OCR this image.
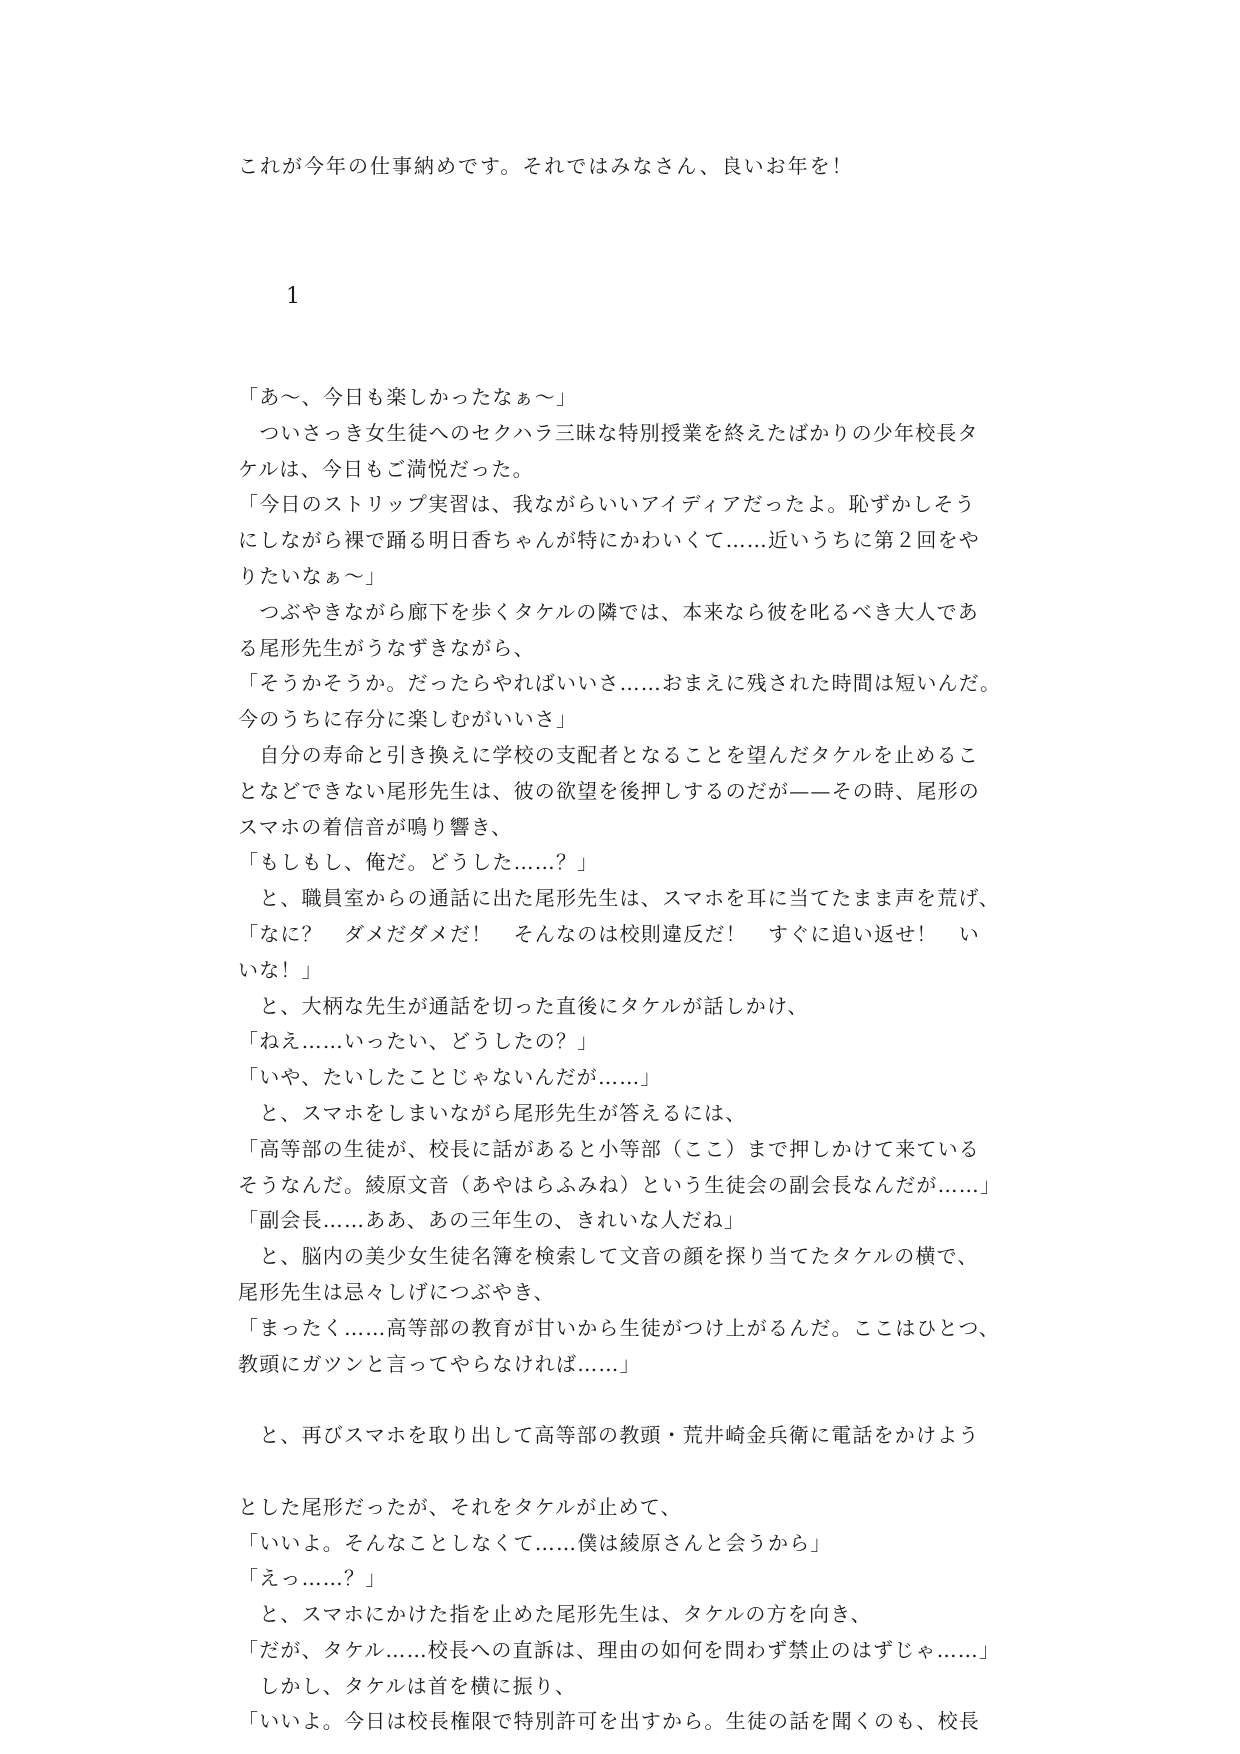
これが今年の仕事納めです。それではみなさん、良いお年を！
1
「あ〜、今日も楽しかったなぁ〜」
　ついさっき女生徒へのセクハラ三昧な特別授業を終えたばかりの少年校長タ
ケルは、今日もご満悦だった。
「今日のストリップ実習は、我ながらいいアイディアだったよ。恥ずかしそう
にしながら裸で踊る明日香ちゃんが特にかわいくて……近いうちに第２回をや
りたいなぁ〜」
　つぶやきながら廊下を歩くタケルの隣では、本来なら彼を叱るべき大人であ
る尾形先生がうなずきながら、
「そうかそうか。だったらやればいいさ……おまえに残された時間は短いんだ。
今のうちに存分に楽しむがいいさ」
　自分の寿命と引き換えに学校の支配者となることを望んだタケルを止めるこ
となどできない尾形先生は、彼の欲望を後押しするのだが——その時、尾形の
スマホの着信音が鳴り響き、
「もしもし、俺だ。どうした……？」
　と、職員室からの通話に出た尾形先生は、スマホを耳に当てたまま声を荒げ、
「なに？　ダメだダメだ！　そんなのは校則違反だ！　すぐに追い返せ！　い
いな！」
　と、大柄な先生が通話を切った直後にタケルが話しかけ、
「ねえ……いったい、どうしたの？」
「いや、たいしたことじゃないんだが……」
　と、スマホをしまいながら尾形先生が答えるには、
「高等部の生徒が、校長に話があると小等部（ここ）まで押しかけて来ている
そうなんだ。綾原文音（あやはらふみね）という生徒会の副会長なんだが……」
「副会長……ああ、あの三年生の、きれいな人だね」
　と、脳内の美少女生徒名簿を検索して文音の顔を探り当てたタケルの横で、
尾形先生は忌々しげにつぶやき、
「まったく……高等部の教育が甘いから生徒がつけ上がるんだ。ここはひとつ、
教頭にガツンと言ってやらなければ……」
　と、再びスマホを取り出して高等部の教頭・荒井崎金兵衛に電話をかけよう
とした尾形だったが、それをタケルが止めて、
「いいよ。そんなことしなくて……僕は綾原さんと会うから」
「えっ……？」
　と、スマホにかけた指を止めた尾形先生は、タケルの方を向き、
「だが、タケル……校長への直訴は、理由の如何を問わず禁止のはずじゃ……」
　しかし、タケルは首を横に振り、
「いいよ。今日は校長権限で特別許可を出すから。生徒の話を聞くのも、校長
